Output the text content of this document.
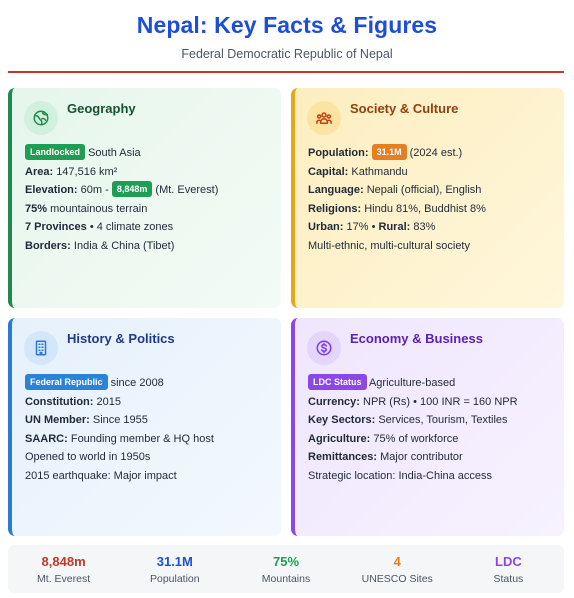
Nepal: Key Facts & Figures
Federal Democratic Republic of Nepal
Geography
Landlocked South Asia
Area: 147,516 km²
Elevation: 60m - 8,848m (Mt. Everest)
75% mountainous terrain
7 Provinces • 4 climate zones
Borders: India & China (Tibet)
Society & Culture
Population: 31.1M (2024 est.)
Capital: Kathmandu
Language: Nepali (official), English
Religions: Hindu 81%, Buddhist 8%
Urban: 17% • Rural: 83%
Multi-ethnic, multi-cultural society
History & Politics
Federal Republic since 2008
Constitution: 2015
UN Member: Since 1955
SAARC: Founding member & HQ host
Opened to world in 1950s
2015 earthquake: Major impact
Economy & Business
LDC Status Agriculture-based
Currency: NPR (Rs) • 100 INR = 160 NPR
Key Sectors: Services, Tourism, Textiles
Agriculture: 75% of workforce
Remittances: Major contributor
Strategic location: India-China access
8,848m
Mt. Everest
31.1M
Population
75%
Mountains
4
UNESCO Sites
LDC
Status
